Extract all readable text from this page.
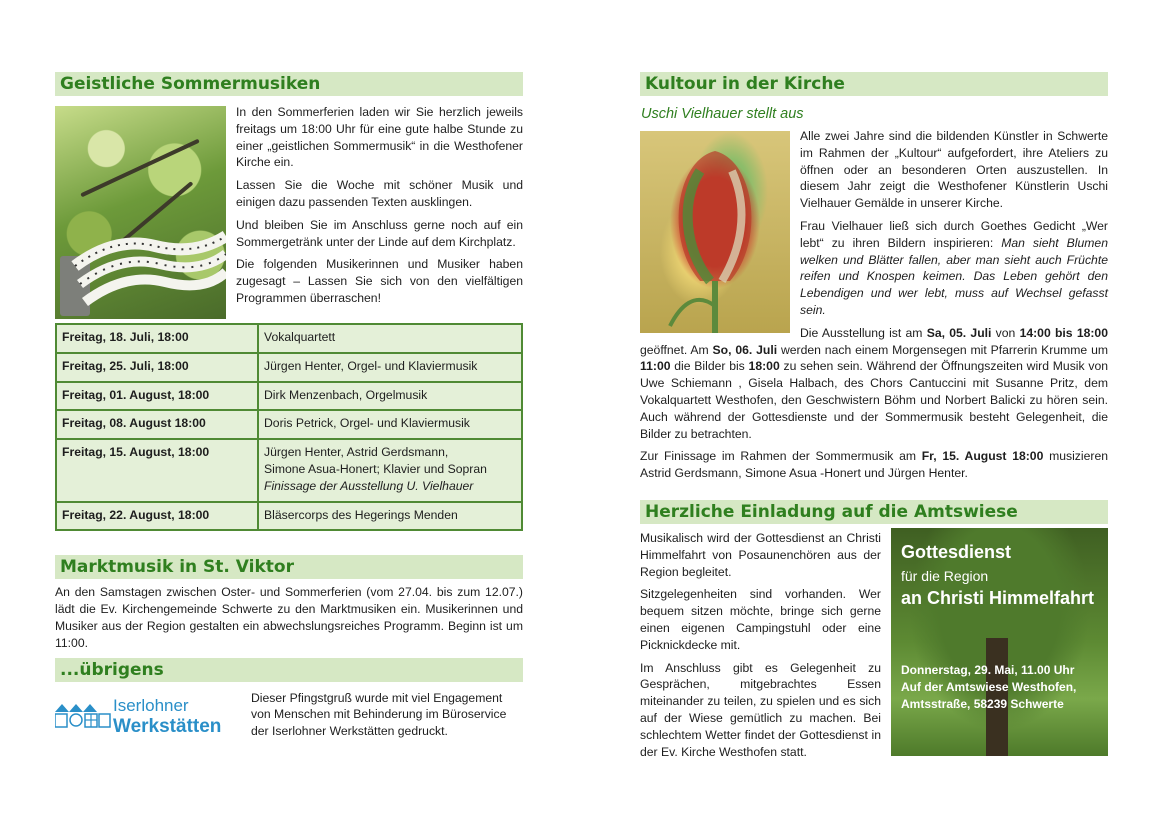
Geistliche Sommermusiken

In den Sommerferien laden wir Sie herzlich jeweils freitags um 18:00 Uhr für eine gute halbe Stunde zu einer „geistlichen Sommermusik“ in die Westhofener Kirche ein.

Lassen Sie die Woche mit schöner Musik und einigen dazu passenden Texten ausklingen.

Und bleiben Sie im Anschluss gerne noch auf ein Sommergetränk unter der Linde auf dem Kirchplatz.

Die folgenden Musikerinnen und Musiker haben zugesagt – Lassen Sie sich von den vielfältigen Programmen überraschen!

Freitag, 18. Juli, 18:00	Vokalquartett
Freitag, 25. Juli, 18:00	Jürgen Henter, Orgel- und Klaviermusik
Freitag, 01. August, 18:00	Dirk Menzenbach, Orgelmusik
Freitag, 08. August 18:00	Doris Petrick, Orgel- und Klaviermusik
Freitag, 15. August, 18:00	Jürgen Henter, Astrid Gerdsmann,
Simone Asua-Honert; Klavier und Sopran
Finissage der Ausstellung U. Vielhauer

Freitag, 22. August, 18:00	Bläsercorps des Hegerings Menden
Marktmusik in St. Viktor

An den Samstagen zwischen Oster- und Sommerferien (vom 27.04. bis zum 12.07.) lädt die Ev. Kirchengemeinde Schwerte zu den Marktmusiken ein. Musikerinnen und Musiker aus der Region gestalten ein abwechslungsreiches Programm. Beginn ist um 11:00.

...übrigens
Iserlohner
Werkstätten

Dieser Pfingstgruß wurde mit viel Engagement von Menschen mit Behinderung im Büroservice der Iserlohner Werkstätten gedruckt.

Kultour in der Kirche
Uschi Vielhauer stellt aus

Alle zwei Jahre sind die bildenden Künstler in Schwerte im Rahmen der „Kultour“ aufgefordert, ihre Ateliers zu öffnen oder an besonderen Orten auszustellen. In diesem Jahr zeigt die Westhofener Künstlerin Uschi Vielhauer Gemälde in unserer Kirche.

Frau Vielhauer ließ sich durch Goethes Gedicht „Wer lebt“ zu ihren Bildern inspirieren: Man sieht Blumen welken und Blätter fallen, aber man sieht auch Früchte reifen und Knospen keimen. Das Leben gehört den Lebendigen und wer lebt, muss auf Wechsel gefasst sein.

Die Ausstellung ist am Sa, 05. Juli von 14:00 bis 18:00 geöffnet. Am So, 06. Juli werden nach einem Morgensegen mit Pfarrerin Krumme um 11:00 die Bilder bis 18:00 zu sehen sein. Während der Öffnungszeiten wird Musik von Uwe Schiemann , Gisela Halbach, des Chors Cantuccini mit Susanne Pritz, dem Vokalquartett Westhofen, den Geschwistern Böhm und Norbert Balicki zu hören sein. Auch während der Gottesdienste und der Sommermusik besteht Gelegenheit, die Bilder zu betrachten.

Zur Finissage im Rahmen der Sommermusik am Fr, 15. August 18:00 musizieren Astrid Gerdsmann, Simone Asua -Honert und Jürgen Henter.

Herzliche Einladung auf die Amtswiese
Gottesdienst
für die Region
an Christi Himmelfahrt
Donnerstag, 29. Mai, 11.00 Uhr
Auf der Amtswiese Westhofen,
Amtsstraße, 58239 Schwerte

Musikalisch wird der Gottesdienst an Christi Himmelfahrt von Posaunenchören aus der Region begleitet.

Sitzgelegenheiten sind vorhanden. Wer bequem sitzen möchte, bringe sich gerne einen eigenen Campingstuhl oder eine Picknickdecke mit.

Im Anschluss gibt es Gelegenheit zu Gesprächen, mitgebrachtes Essen miteinander zu teilen, zu spielen und es sich auf der Wiese gemütlich zu machen. Bei schlechtem Wetter findet der Gottesdienst in der Ev. Kirche Westhofen statt.
